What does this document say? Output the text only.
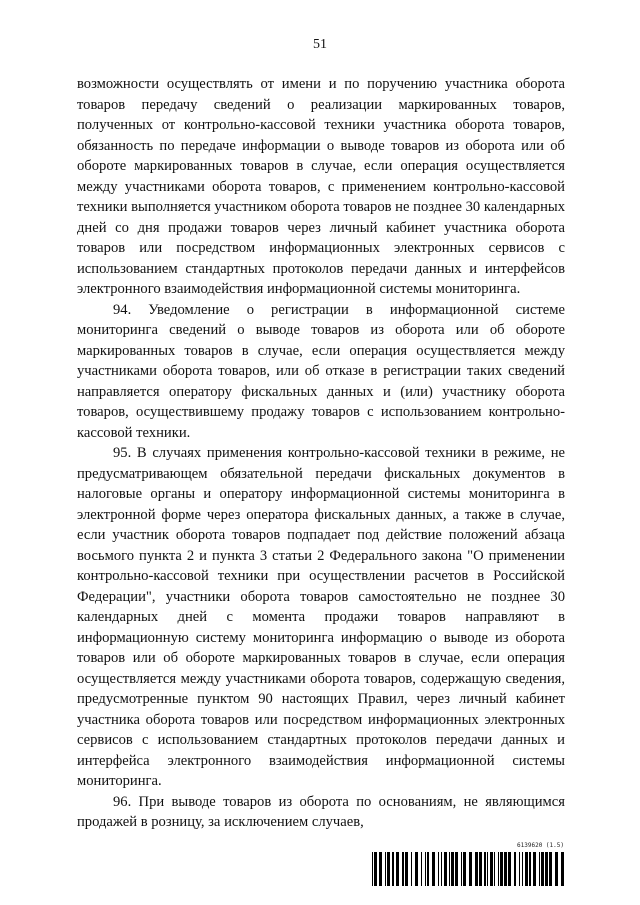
51

возможности осуществлять от имени и по поручению участника оборота товаров передачу сведений о реализации маркированных товаров, полученных от контрольно-кассовой техники участника оборота товаров, обязанность по передаче информации о выводе товаров из оборота или об обороте маркированных товаров в случае, если операция осуществляется между участниками оборота товаров, с применением контрольно-кассовой техники выполняется участником оборота товаров не позднее 30 календарных дней со дня продажи товаров через личный кабинет участника оборота товаров или посредством информационных электронных сервисов с использованием стандартных протоколов передачи данных и интерфейсов электронного взаимодействия информационной системы мониторинга.

94. Уведомление о регистрации в информационной системе мониторинга сведений о выводе товаров из оборота или об обороте маркированных товаров в случае, если операция осуществляется между участниками оборота товаров, или об отказе в регистрации таких сведений направляется оператору фискальных данных и (или) участнику оборота товаров, осуществившему продажу товаров с использованием контрольно-кассовой техники.

95. В случаях применения контрольно-кассовой техники в режиме, не предусматривающем обязательной передачи фискальных документов в налоговые органы и оператору информационной системы мониторинга в электронной форме через оператора фискальных данных, а также в случае, если участник оборота товаров подпадает под действие положений абзаца восьмого пункта 2 и пункта 3 статьи 2 Федерального закона "О применении контрольно-кассовой техники при осуществлении расчетов в Российской Федерации", участники оборота товаров самостоятельно не позднее 30 календарных дней с момента продажи товаров направляют в информационную систему мониторинга информацию о выводе из оборота товаров или об обороте маркированных товаров в случае, если операция осуществляется между участниками оборота товаров, содержащую сведения, предусмотренные пунктом 90 настоящих Правил, через личный кабинет участника оборота товаров или посредством информационных электронных сервисов с использованием стандартных протоколов передачи данных и интерфейса электронного взаимодействия информационной системы мониторинга.

96. При выводе товаров из оборота по основаниям, не являющимся продажей в розницу, за исключением случаев,

6139620 (1.5)
